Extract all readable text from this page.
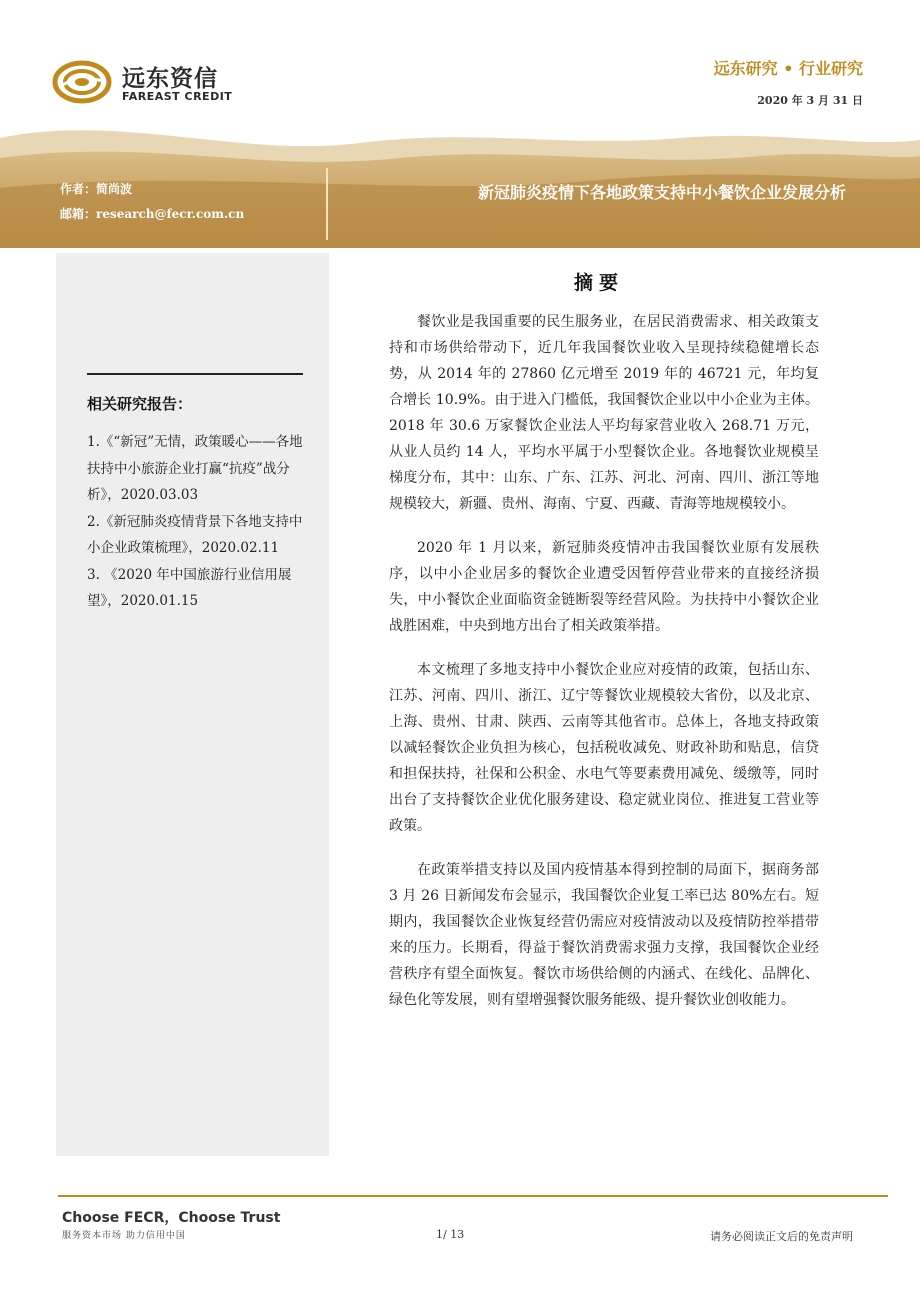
远东资信
FAREAST CREDIT
远东研究 • 行业研究
2020 年 3 月 31 日
作者：简尚波
邮箱：research@fecr.com.cn
新冠肺炎疫情下各地政策支持中小餐饮企业发展分析
相关研究报告：
1.《“新冠”无情，政策暖心——各地扶持中小旅游企业打赢“抗疫”战分析》，2020.03.03
2.《新冠肺炎疫情背景下各地支持中小企业政策梳理》，2020.02.11
3. 《2020 年中国旅游行业信用展望》，2020.01.15
摘要

餐饮业是我国重要的民生服务业，在居民消费需求、相关政策支持和市场供给带动下，近几年我国餐饮业收入呈现持续稳健增长态势，从 2014 年的 27860 亿元增至 2019 年的 46721 元，年均复合增长 10.9%。由于进入门槛低，我国餐饮企业以中小企业为主体。2018 年 30.6 万家餐饮企业法人平均每家营业收入 268.71 万元，从业人员约 14 人，平均水平属于小型餐饮企业。各地餐饮业规模呈梯度分布，其中：山东、广东、江苏、河北、河南、四川、浙江等地规模较大，新疆、贵州、海南、宁夏、西藏、青海等地规模较小。

2020 年 1 月以来，新冠肺炎疫情冲击我国餐饮业原有发展秩序，以中小企业居多的餐饮企业遭受因暂停营业带来的直接经济损失，中小餐饮企业面临资金链断裂等经营风险。为扶持中小餐饮企业战胜困难，中央到地方出台了相关政策举措。

本文梳理了多地支持中小餐饮企业应对疫情的政策，包括山东、江苏、河南、四川、浙江、辽宁等餐饮业规模较大省份，以及北京、上海、贵州、甘肃、陕西、云南等其他省市。总体上，各地支持政策以减轻餐饮企业负担为核心，包括税收减免、财政补助和贴息，信贷和担保扶持，社保和公积金、水电气等要素费用减免、缓缴等，同时出台了支持餐饮企业优化服务建设、稳定就业岗位、推进复工营业等政策。

在政策举措支持以及国内疫情基本得到控制的局面下，据商务部 3 月 26 日新闻发布会显示，我国餐饮企业复工率已达 80%左右。短期内，我国餐饮企业恢复经营仍需应对疫情波动以及疫情防控举措带来的压力。长期看，得益于餐饮消费需求强力支撑，我国餐饮企业经营秩序有望全面恢复。餐饮市场供给侧的内涵式、在线化、品牌化、绿色化等发展，则有望增强餐饮服务能级、提升餐饮业创收能力。

Choose FECR，Choose Trust
服务资本市场 助力信用中国	1/ 13	请务必阅读正文后的免责声明
